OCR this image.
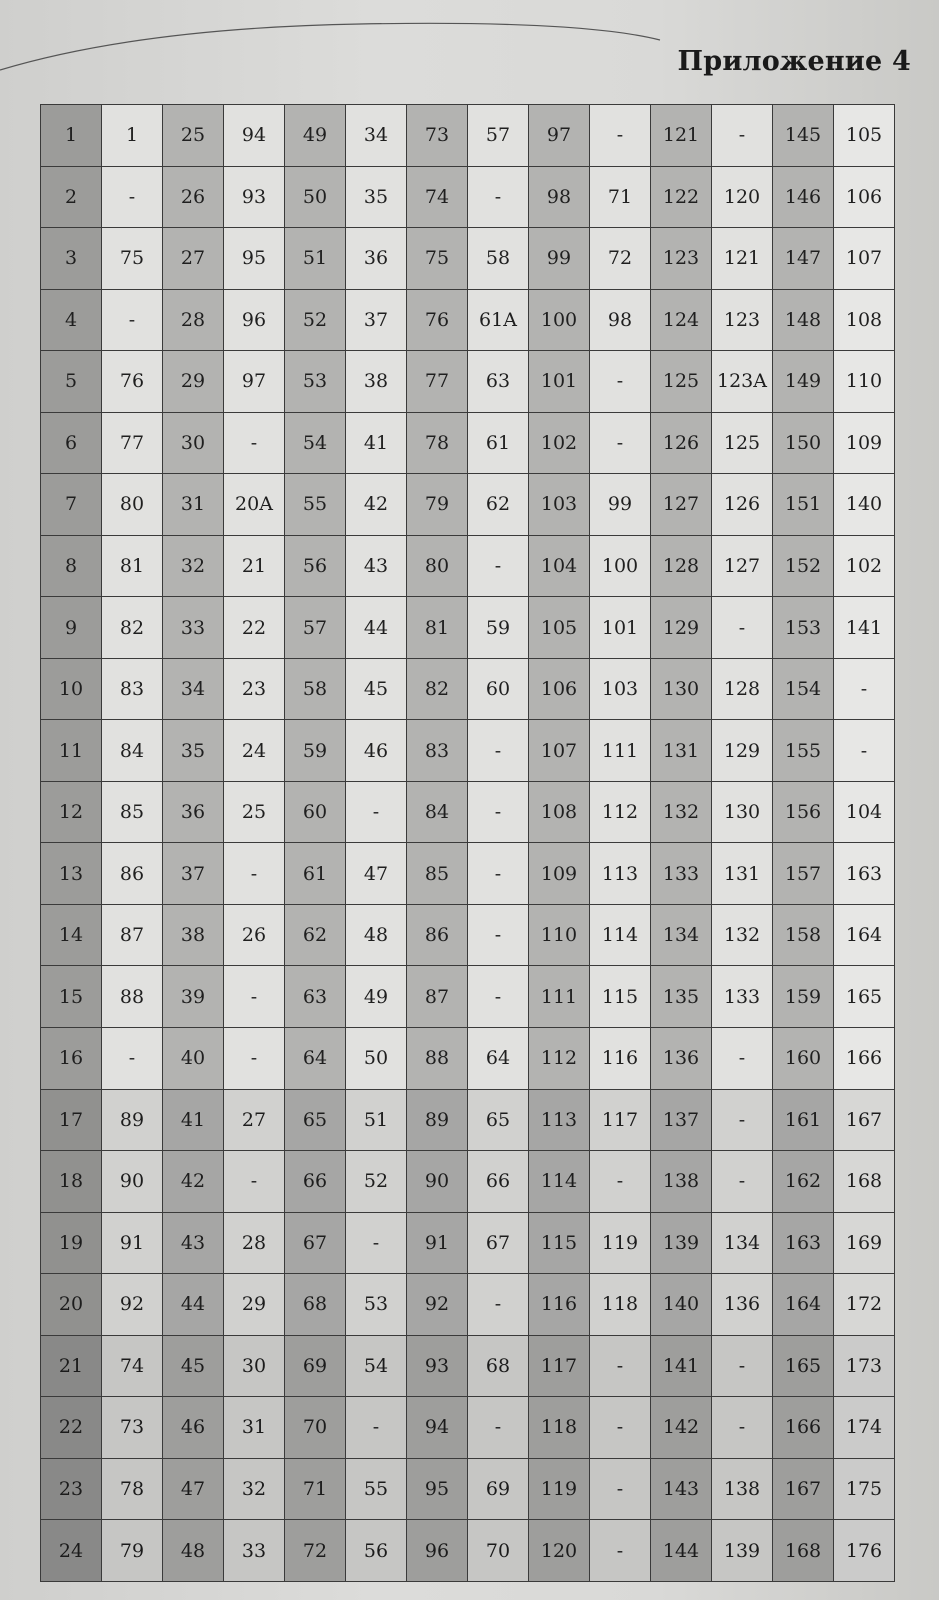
Приложение 4
1	1	25	94	49	34	73	57	97	-	121	-	145	105
2	-	26	93	50	35	74	-	98	71	122	120	146	106
3	75	27	95	51	36	75	58	99	72	123	121	147	107
4	-	28	96	52	37	76	61A	100	98	124	123	148	108
5	76	29	97	53	38	77	63	101	-	125	123A	149	110
6	77	30	-	54	41	78	61	102	-	126	125	150	109
7	80	31	20A	55	42	79	62	103	99	127	126	151	140
8	81	32	21	56	43	80	-	104	100	128	127	152	102
9	82	33	22	57	44	81	59	105	101	129	-	153	141
10	83	34	23	58	45	82	60	106	103	130	128	154	-
11	84	35	24	59	46	83	-	107	111	131	129	155	-
12	85	36	25	60	-	84	-	108	112	132	130	156	104
13	86	37	-	61	47	85	-	109	113	133	131	157	163
14	87	38	26	62	48	86	-	110	114	134	132	158	164
15	88	39	-	63	49	87	-	111	115	135	133	159	165
16	-	40	-	64	50	88	64	112	116	136	-	160	166
17	89	41	27	65	51	89	65	113	117	137	-	161	167
18	90	42	-	66	52	90	66	114	-	138	-	162	168
19	91	43	28	67	-	91	67	115	119	139	134	163	169
20	92	44	29	68	53	92	-	116	118	140	136	164	172
21	74	45	30	69	54	93	68	117	-	141	-	165	173
22	73	46	31	70	-	94	-	118	-	142	-	166	174
23	78	47	32	71	55	95	69	119	-	143	138	167	175
24	79	48	33	72	56	96	70	120	-	144	139	168	176
